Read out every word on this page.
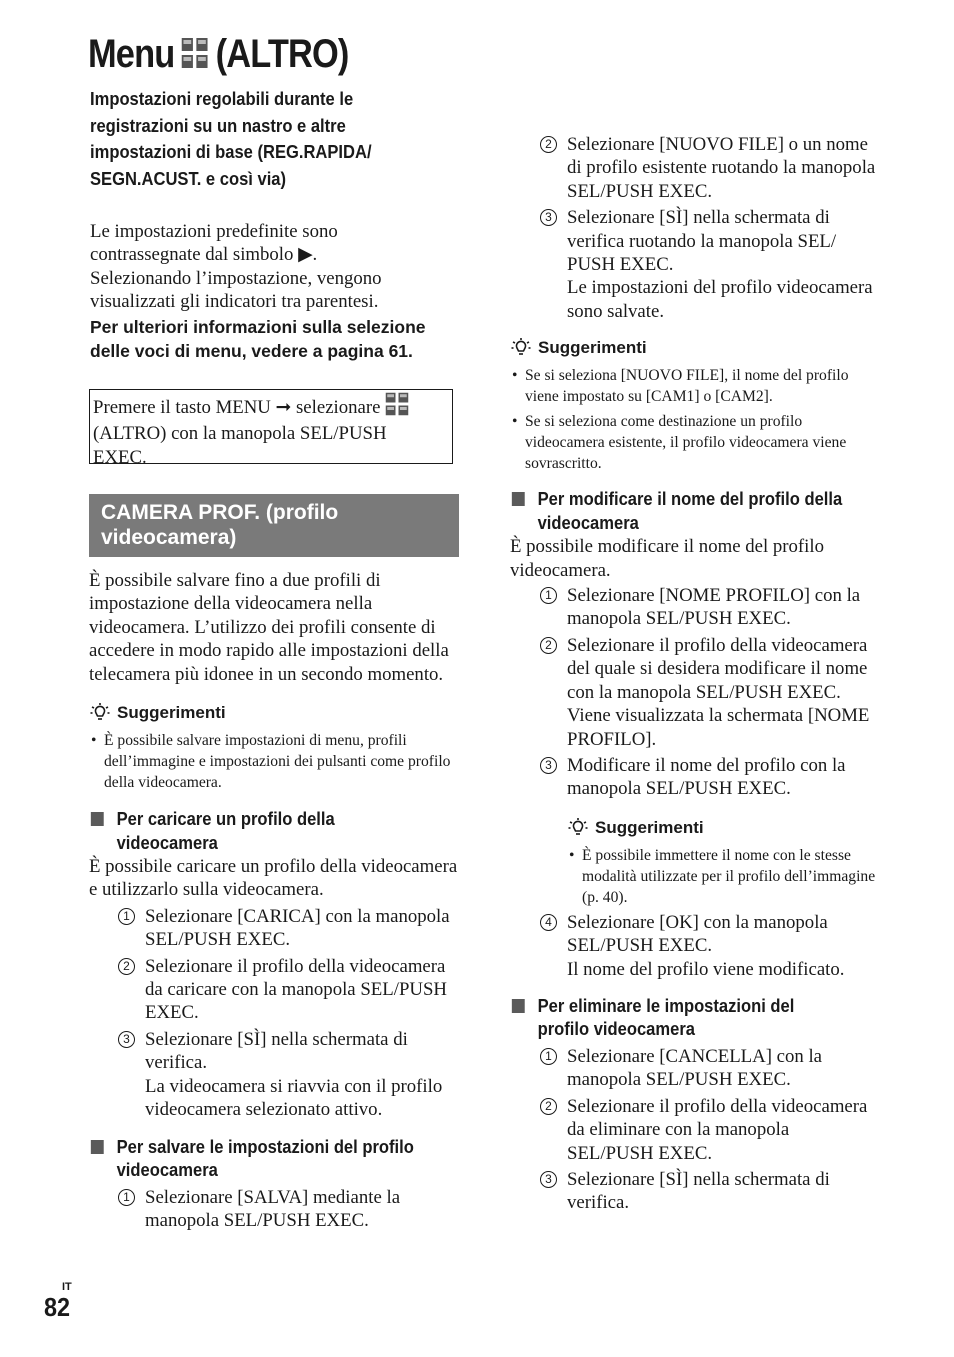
Menu (ALTRO)

Impostazioni regolabili durante le registrazioni su un nastro e altre impostazioni di base (REG.RAPIDA/ SEGN.ACUST. e così via)

Le impostazioni predefinite sono contrassegnate dal simbolo ▶.
Selezionando l’impostazione, vengono visualizzati gli indicatori tra parentesi.
Per ulteriori informazioni sulla selezione delle voci di menu, vedere a pagina 61.
Premere il tasto MENU ➞ selezionare  (ALTRO) con la manopola SEL/PUSH EXEC.
CAMERA PROF. (profilo videocamera)
È possibile salvare fino a due profili di impostazione della videocamera nella videocamera. L’utilizzo dei profili consente di accedere in modo rapido alle impostazioni della telecamera più idonee in un secondo momento.
Suggerimenti
• È possibile salvare impostazioni di menu, profili dell’immagine e impostazioni dei pulsanti come profilo della videocamera.
Per caricare un profilo della videocamera
È possibile caricare un profilo della videocamera e utilizzarlo sulla videocamera.
1 Selezionare [CARICA] con la manopola SEL/PUSH EXEC.
2 Selezionare il profilo della videocamera da caricare con la manopola SEL/PUSH EXEC.
3 Selezionare [SÌ] nella schermata di verifica.
La videocamera si riavvia con il profilo videocamera selezionato attivo.
Per salvare le impostazioni del profilo videocamera
1 Selezionare [SALVA] mediante la manopola SEL/PUSH EXEC.
2 Selezionare [NUOVO FILE] o un nome di profilo esistente ruotando la manopola SEL/PUSH EXEC.
3 Selezionare [SÌ] nella schermata di verifica ruotando la manopola SEL/ PUSH EXEC.
Le impostazioni del profilo videocamera sono salvate.
Suggerimenti
• Se si seleziona [NUOVO FILE], il nome del profilo viene impostato su [CAM1] o [CAM2].
• Se si seleziona come destinazione un profilo videocamera esistente, il profilo videocamera viene sovrascritto.
Per modificare il nome del profilo della videocamera
È possibile modificare il nome del profilo videocamera.
1 Selezionare [NOME PROFILO] con la manopola SEL/PUSH EXEC.
2 Selezionare il profilo della videocamera del quale si desidera modificare il nome con la manopola SEL/PUSH EXEC.
Viene visualizzata la schermata [NOME PROFILO].
3 Modificare il nome del profilo con la manopola SEL/PUSH EXEC.
Suggerimenti
• È possibile immettere il nome con le stesse modalità utilizzate per il profilo dell’immagine (p. 40).
4 Selezionare [OK] con la manopola SEL/PUSH EXEC.
Il nome del profilo viene modificato.
Per eliminare le impostazioni del profilo videocamera
1 Selezionare [CANCELLA] con la manopola SEL/PUSH EXEC.
2 Selezionare il profilo della videocamera da eliminare con la manopola SEL/PUSH EXEC.
3 Selezionare [SÌ] nella schermata di verifica.
IT
82
